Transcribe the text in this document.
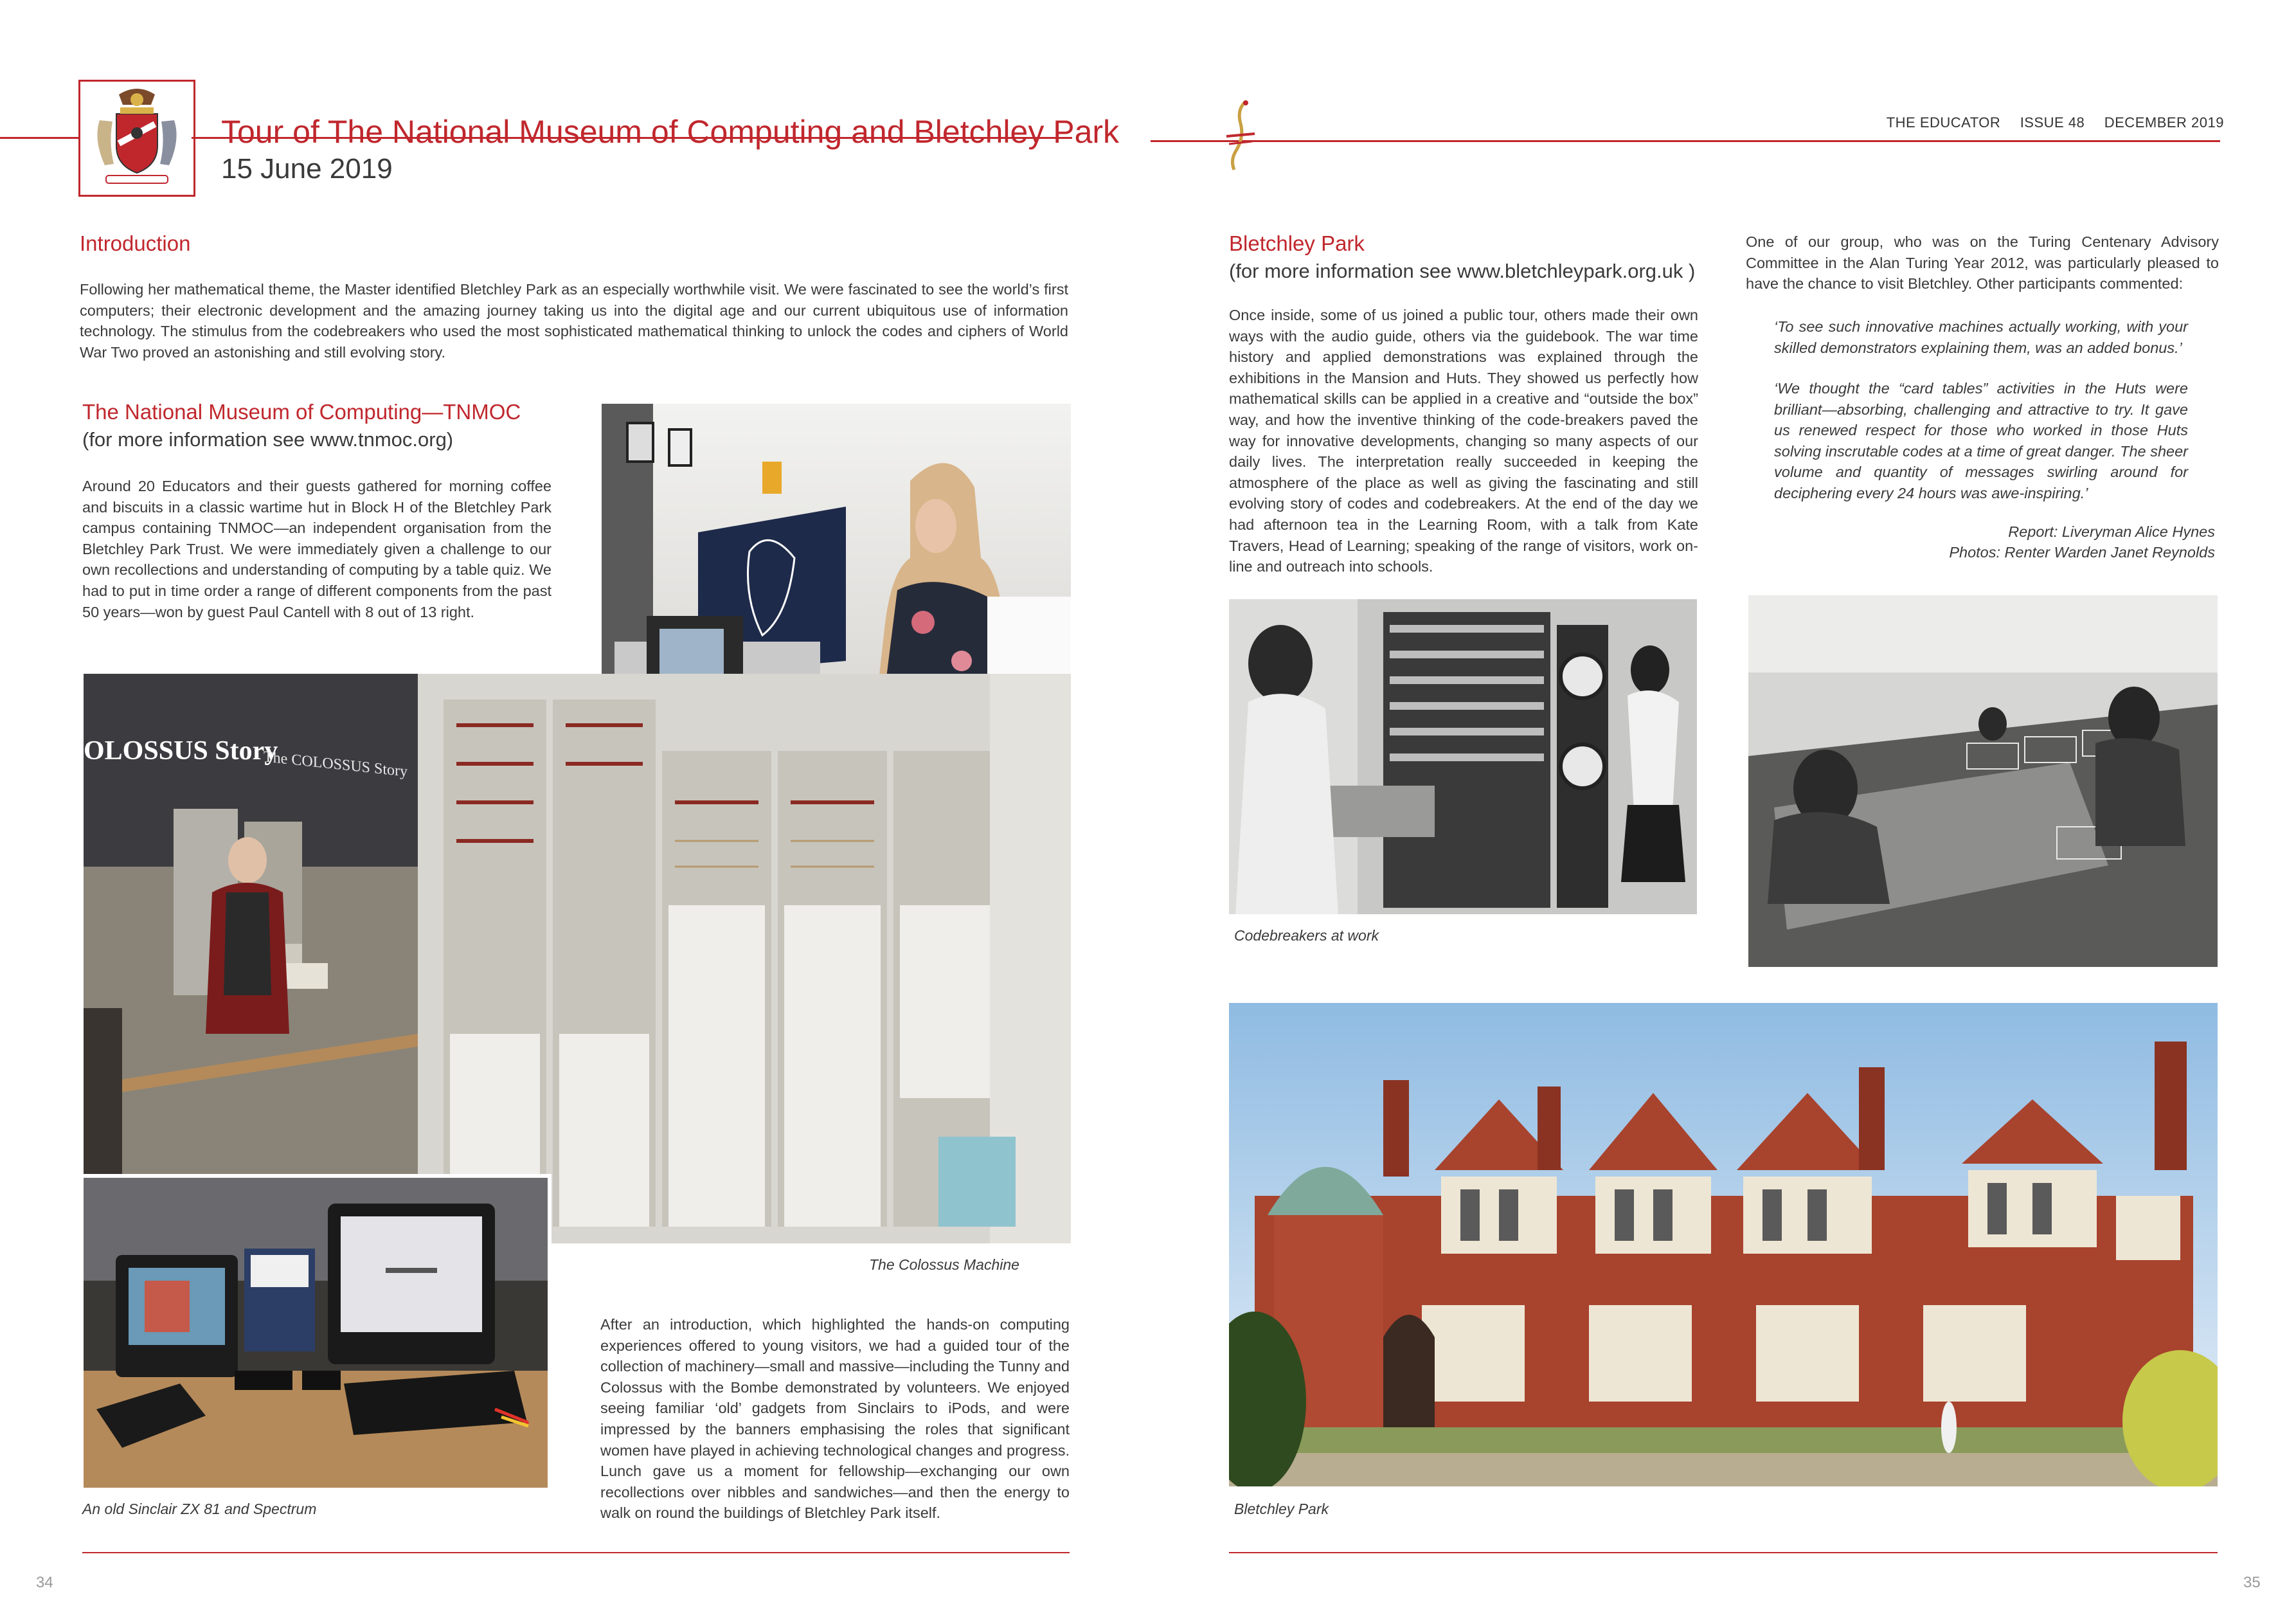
Tour of The National Museum of Computing and Bletchley Park
15 June 2019
Introduction
Following her mathematical theme, the Master identified Bletchley Park as an especially worthwhile visit. We were fascinated to see the world’s first computers; their electronic development and the amazing journey taking us into the digital age and our current ubiquitous use of information technology. The stimulus from the codebreakers who used the most sophisticated mathematical thinking to unlock the codes and ciphers of World War Two proved an astonishing and still evolving story.
The National Museum of Computing—TNMOC
(for more information see www.tnmoc.org)
Around 20 Educators and their guests gathered for morning coffee and biscuits in a classic wartime hut in Block H of the Bletchley Park campus containing TNMOC—an independent organisation from the Bletchley Park Trust. We were immediately given a challenge to our own recollections and understanding of computing by a table quiz. We had to put in time order a range of different components from the past 50 years—won by guest Paul Cantell with 8 out of 13 right.
OLOSSUS Story
The COLOSSUS Story
The Colossus Machine
An old Sinclair ZX 81 and Spectrum
After an introduction, which highlighted the hands-on computing experiences offered to young visitors, we had a guided tour of the collection of machinery—small and massive—including the Tunny and Colossus with the Bombe demonstrated by volunteers. We enjoyed seeing familiar ‘old’ gadgets from Sinclairs to iPods, and were impressed by the banners emphasising the roles that significant women have played in achieving technological changes and progress. Lunch gave us a moment for fellowship—exchanging our own recollections over nibbles and sandwiches—and then the energy to walk on round the buildings of Bletchley Park itself.
34
THE EDUCATOR ISSUE 48 DECEMBER 2019
Bletchley Park
(for more information see www.bletchleypark.org.uk )
Once inside, some of us joined a public tour, others made their own ways with the audio guide, others via the guidebook. The war time history and applied demonstrations was explained through the exhibitions in the Mansion and Huts. They showed us perfectly how mathematical skills can be applied in a creative and “outside the box” way, and how the inventive thinking of the code-breakers paved the way for innovative developments, changing so many aspects of our daily lives. The interpretation really succeeded in keeping the atmosphere of the place as well as giving the fascinating and still evolving story of codes and codebreakers. At the end of the day we had afternoon tea in the Learning Room, with a talk from Kate Travers, Head of Learning; speaking of the range of visitors, work on-line and outreach into schools.
One of our group, who was on the Turing Centenary Advisory Committee in the Alan Turing Year 2012, was particularly pleased to have the chance to visit Bletchley. Other participants commented:
‘To see such innovative machines actually working, with your skilled demonstrators explaining them, was an added bonus.’
‘We thought the “card tables” activities in the Huts were brilliant—absorbing, challenging and attractive to try. It gave us renewed respect for those who worked in those Huts solving inscrutable codes at a time of great danger. The sheer volume and quantity of messages swirling around for deciphering every 24 hours was awe-inspiring.’
Report: Liveryman Alice Hynes
Photos: Renter Warden Janet Reynolds
Codebreakers at work
Bletchley Park
35
